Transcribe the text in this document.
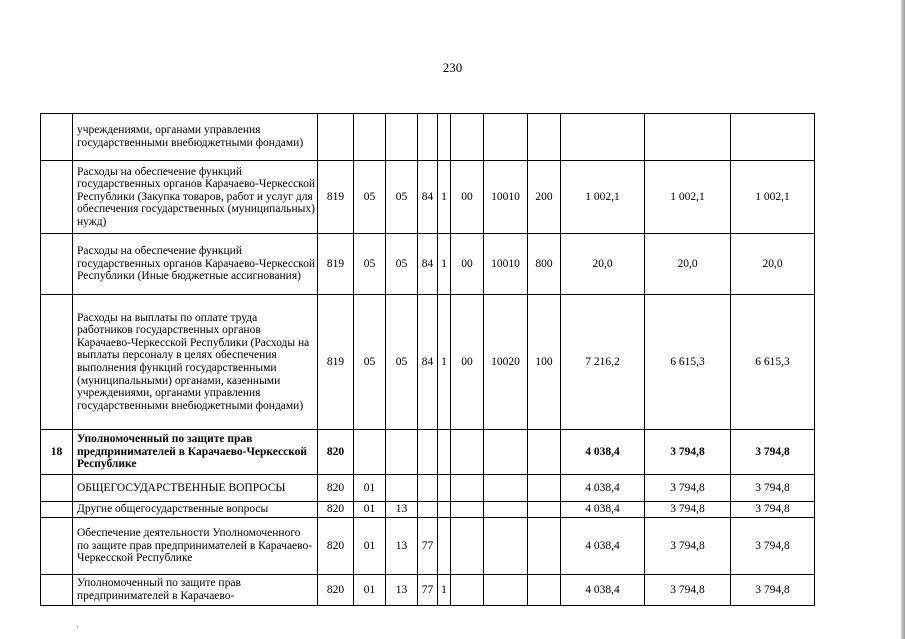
230
	учреждениями, органами управления государственными внебюджетными фондами)											
	Расходы на обеспечение функций государственных органов Карачаево-Черкесской Республики (Закупка товаров, работ и услуг для обеспечения государственных (муниципальных) нужд)	819	05	05	84	1	00	10010	200	1 002,1	1 002,1	1 002,1
	Расходы на обеспечение функций государственных органов Карачаево-Черкесской Республики (Иные бюджетные ассигнования)	819	05	05	84	1	00	10010	800	20,0	20,0	20,0
	Расходы на выплаты по оплате труда работников государственных органов Карачаево-Черкесской Республики (Расходы на выплаты персоналу в целях обеспечения выполнения функций государственными (муниципальными) органами, казенными учреждениями, органами управления государственными внебюджетными фондами)	819	05	05	84	1	00	10020	100	7 216,2	6 615,3	6 615,3
18	Уполномоченный по защите прав предпринимателей в Карачаево-Черкесской Республике	820								4 038,4	3 794,8	3 794,8
	ОБЩЕГОСУДАРСТВЕННЫЕ ВОПРОСЫ	820	01							4 038,4	3 794,8	3 794,8
	Другие общегосударственные вопросы	820	01	13						4 038,4	3 794,8	3 794,8
	Обеспечение деятельности Уполномоченного по защите прав предпринимателей в Карачаево-Черкесской Республике	820	01	13	77					4 038,4	3 794,8	3 794,8
	Уполномоченный по защите прав предпринимателей в Карачаево-	820	01	13	77	1				4 038,4	3 794,8	3 794,8
·
